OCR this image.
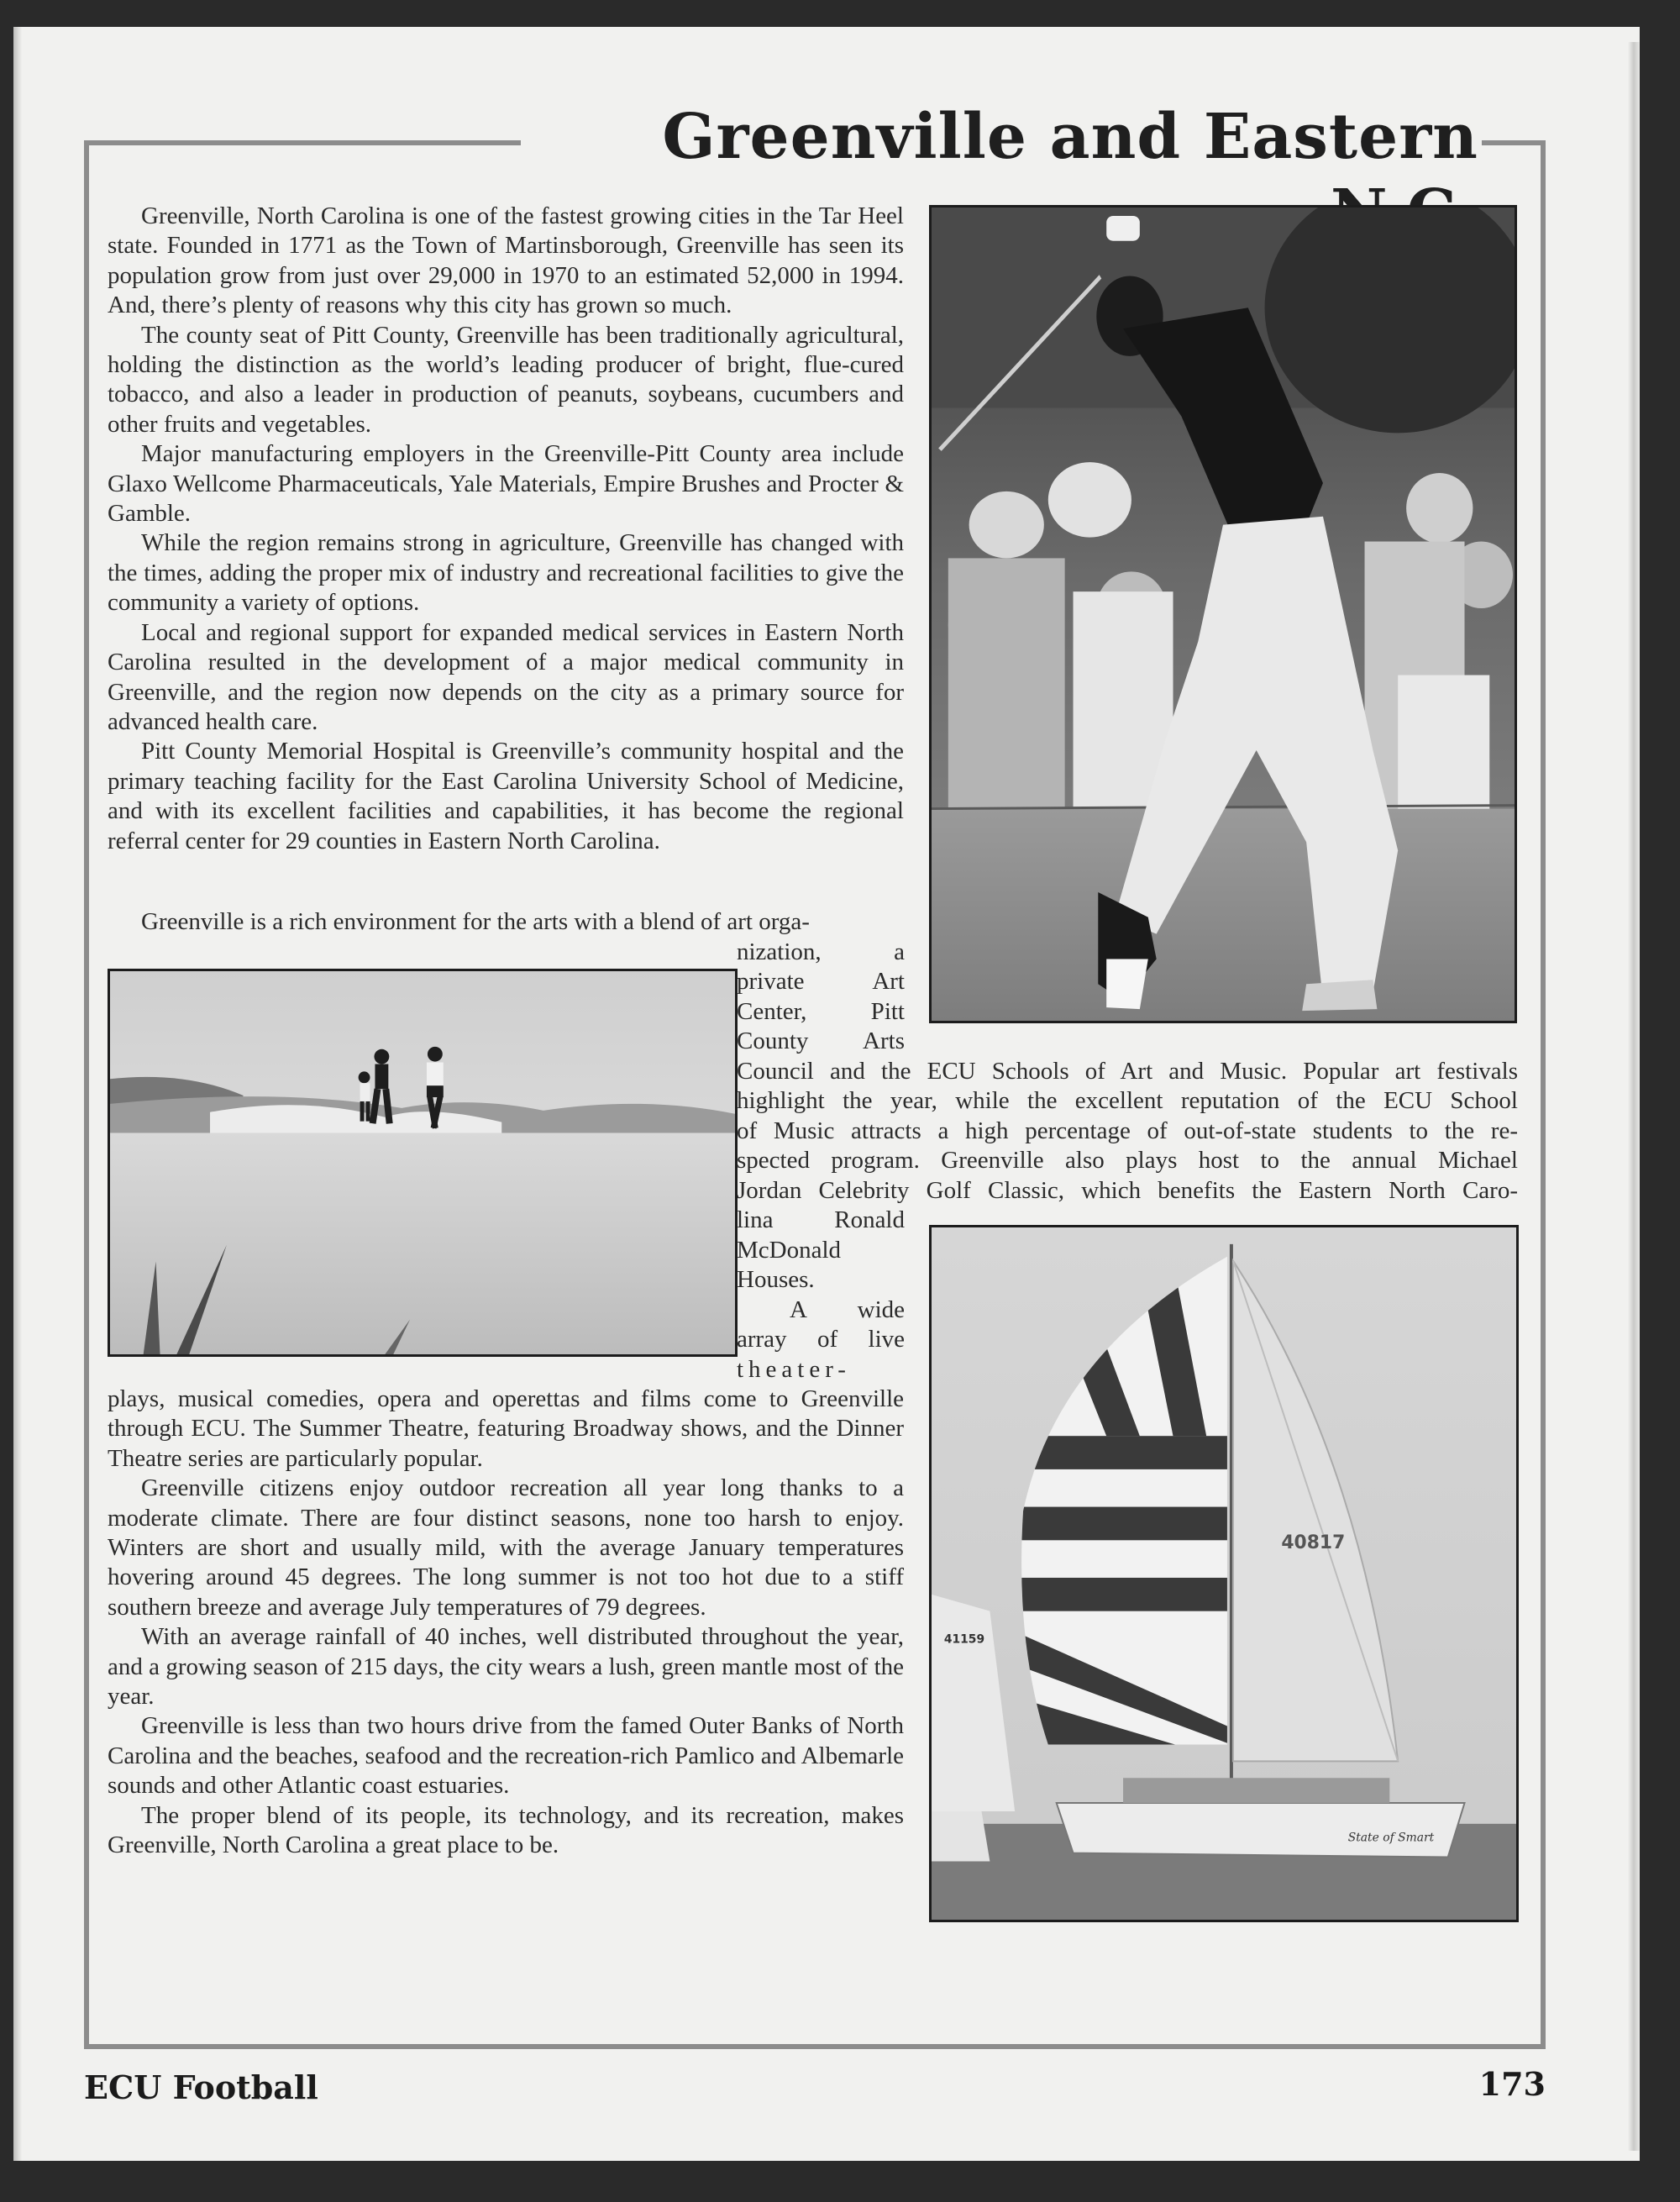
Greenville and Eastern

Greenville, North Carolina is one of the fastest growing cities in the Tar Heel state. Founded in 1771 as the Town of Martinsborough, Greenville has seen its population grow from just over 29,000 in 1970 to an estimated 52,000 in 1994. And, there’s plenty of reasons why this city has grown so much.

The county seat of Pitt County, Greenville has been traditionally agricultural, holding the distinction as the world’s leading producer of bright, flue-cured tobacco, and also a leader in production of peanuts, soybeans, cucumbers and other fruits and vegetables.

Major manufacturing employers in the Greenville-Pitt County area include Glaxo Wellcome Pharmaceuticals, Yale Materials, Empire Brushes and Procter & Gamble.

While the region remains strong in agriculture, Greenville has changed with the times, adding the proper mix of industry and recreational facilities to give the community a variety of options.

Local and regional support for expanded medical services in Eastern North Carolina resulted in the development of a major medical community in Greenville, and the region now depends on the city as a primary source for advanced health care.

Pitt County Memorial Hospital is Greenville’s community hospital and the primary teaching facility for the East Carolina University School of Medicine, and with its excellent facilities and capabilities, it has become the regional referral center for 29 counties in Eastern North Carolina.

Greenville is a rich environment for the arts with a blend of art orga-

nization, a

private Art

Center, Pitt

County Arts

Council and the ECU Schools of Art and Music. Popular art festivals

highlight the year, while the excellent reputation of the ECU School

of Music attracts a high percentage of out-of-state students to the re-

spected program. Greenville also plays host to the annual Michael

Jordan Celebrity Golf Classic, which benefits the Eastern North Caro-

lina Ronald

McDonald

Houses.

A wide

array of live

theater-

plays, musical comedies, opera and operettas and films come to Greenville through ECU. The Summer Theatre, featuring Broadway shows, and the Dinner Theatre series are particularly popular.

Greenville citizens enjoy outdoor recreation all year long thanks to a moderate climate. There are four distinct seasons, none too harsh to enjoy. Winters are short and usually mild, with the average January temperatures hovering around 45 degrees. The long summer is not too hot due to a stiff southern breeze and average July temperatures of 79 degrees.

With an average rainfall of 40 inches, well distributed throughout the year, and a growing season of 215 days, the city wears a lush, green mantle most of the year.

Greenville is less than two hours drive from the famed Outer Banks of North Carolina and the beaches, seafood and the recreation-rich Pamlico and Albemarle sounds and other Atlantic coast estuaries.

The proper blend of its people, its technology, and its recreation, makes Greenville, North Carolina a great place to be.

40817
40817
41159
State of Smart

ECU Football	173
